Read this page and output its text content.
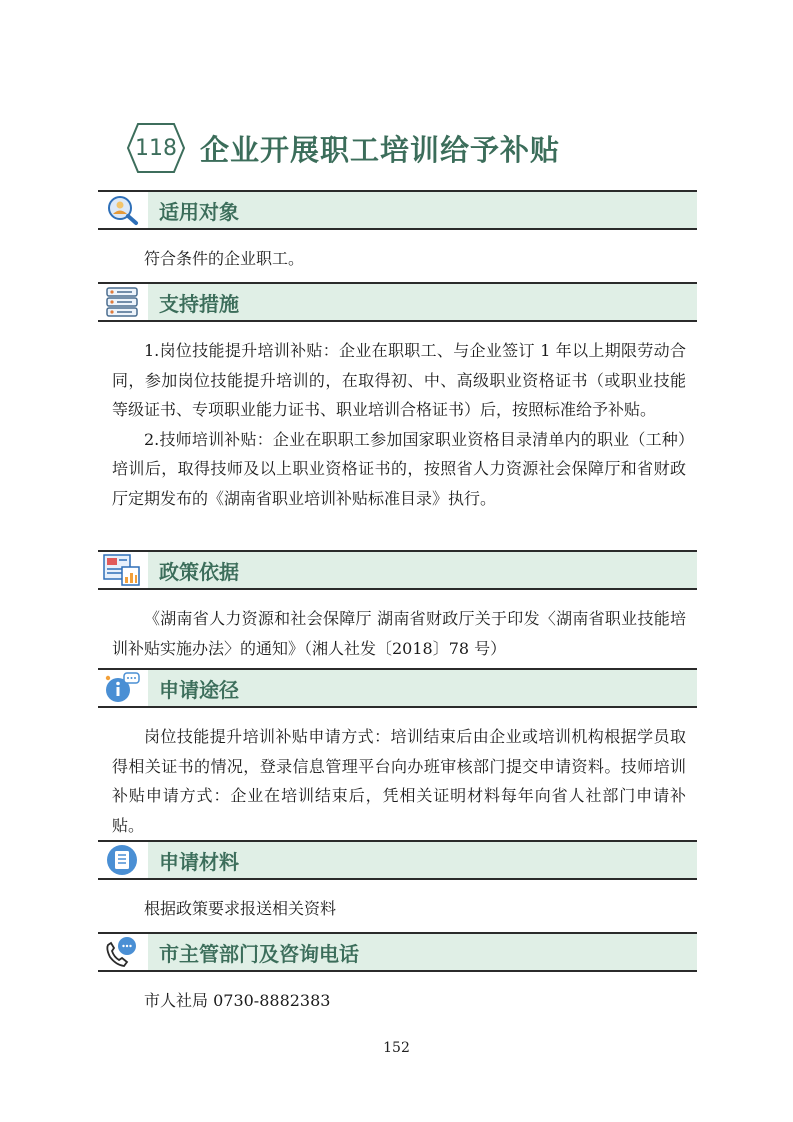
118 企业开展职工培训给予补贴
适用对象

符合条件的企业职工。

支持措施

1.岗位技能提升培训补贴：企业在职职工、与企业签订 1 年以上期限劳动合同，参加岗位技能提升培训的，在取得初、中、高级职业资格证书（或职业技能等级证书、专项职业能力证书、职业培训合格证书）后，按照标准给予补贴。

2.技师培训补贴：企业在职职工参加国家职业资格目录清单内的职业（工种）培训后，取得技师及以上职业资格证书的，按照省人力资源社会保障厅和省财政厅定期发布的《湖南省职业培训补贴标准目录》执行。

政策依据

《湖南省人力资源和社会保障厅 湖南省财政厅关于印发〈湖南省职业技能培训补贴实施办法〉的通知》（湘人社发〔2018〕78 号）

申请途径

岗位技能提升培训补贴申请方式：培训结束后由企业或培训机构根据学员取得相关证书的情况，登录信息管理平台向办班审核部门提交申请资料。技师培训补贴申请方式：企业在培训结束后，凭相关证明材料每年向省人社部门申请补贴。

申请材料

根据政策要求报送相关资料

市主管部门及咨询电话

市人社局 0730-8882383

152
